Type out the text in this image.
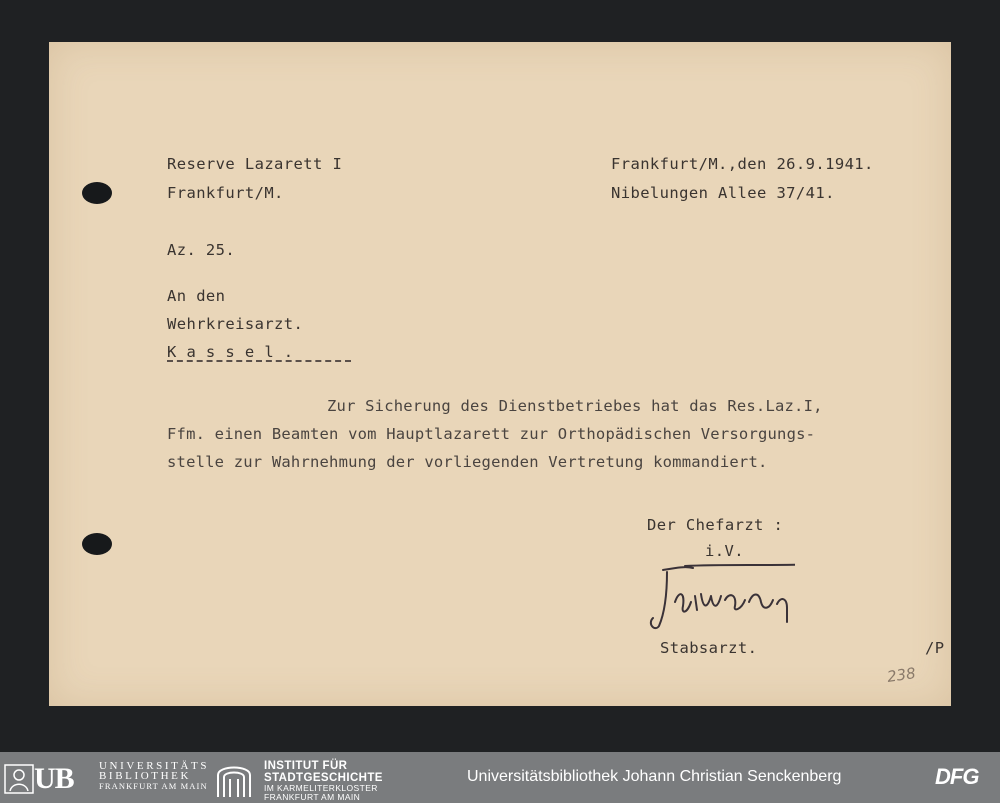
Reserve Lazarett I
Frankfurt/M.
Frankfurt/M.,den 26.9.1941.
Nibelungen Allee 37/41.
Az. 25.
An den
Wehrkreisarzt.
K a s s e l .
Zur Sicherung des Dienstbetriebes hat das Res.Laz.I,
Ffm. einen Beamten vom Hauptlazarett zur Orthopädischen Versorgungs-
stelle zur Wahrnehmung der vorliegenden Vertretung kommandiert.
Der Chefarzt :
i.V.
Stabsarzt.	/P
238
UB UNIVERSITÄTS
BIBLIOTHEK
FRANKFURT AM MAIN
INSTITUT FÜR
STADTGESCHICHTE
IM KARMELITERKLOSTER
FRANKFURT AM MAIN
Universitätsbibliothek Johann Christian Senckenberg	DFG
